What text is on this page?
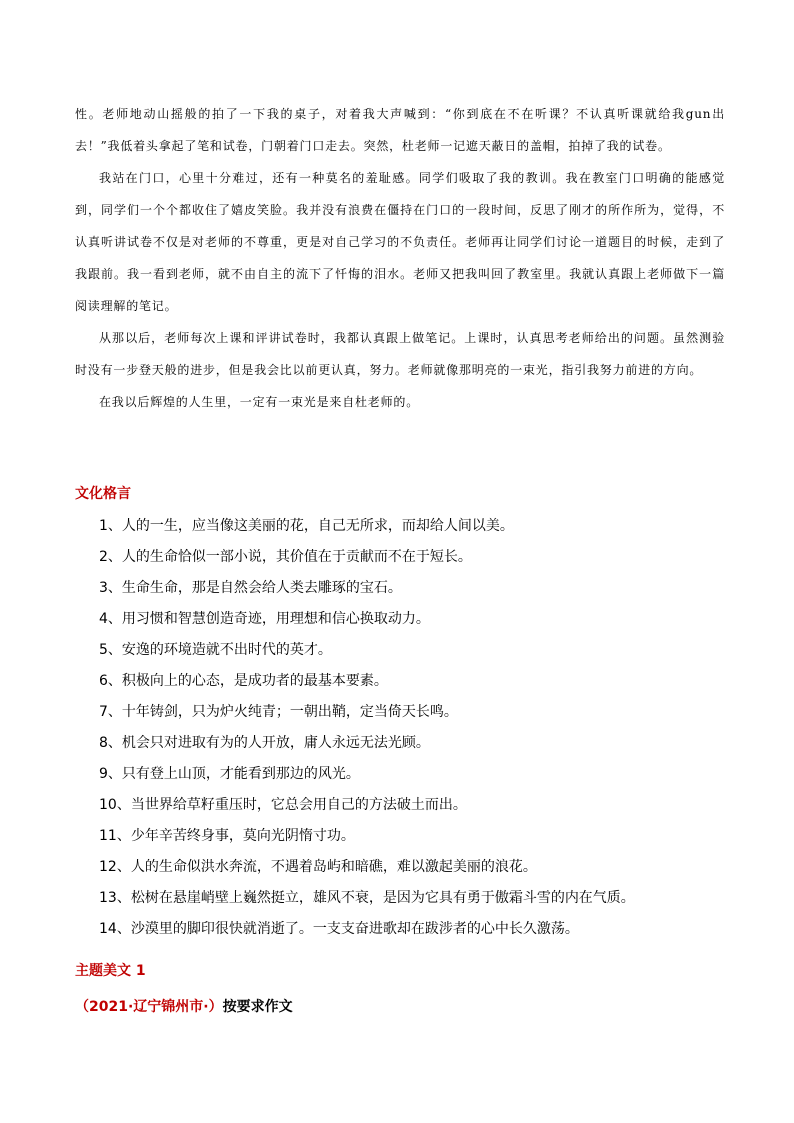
性。老师地动山摇般的拍了一下我的桌子，对着我大声喊到：“你到底在不在听课？不认真听课就给我gun出去！”我低着头拿起了笔和试卷，门朝着门口走去。突然，杜老师一记遮天蔽日的盖帽，拍掉了我的试卷。

我站在门口，心里十分难过，还有一种莫名的羞耻感。同学们吸取了我的教训。我在教室门口明确的能感觉到，同学们一个个都收住了嬉皮笑脸。我并没有浪费在僵持在门口的一段时间，反思了刚才的所作所为，觉得，不认真听讲试卷不仅是对老师的不尊重，更是对自己学习的不负责任。老师再让同学们讨论一道题目的时候，走到了我跟前。我一看到老师，就不由自主的流下了忏悔的泪水。老师又把我叫回了教室里。我就认真跟上老师做下一篇阅读理解的笔记。

从那以后，老师每次上课和评讲试卷时，我都认真跟上做笔记。上课时，认真思考老师给出的问题。虽然测验时没有一步登天般的进步，但是我会比以前更认真，努力。老师就像那明亮的一束光，指引我努力前进的方向。

在我以后辉煌的人生里，一定有一束光是来自杜老师的。

文化格言
1、人的一生，应当像这美丽的花，自己无所求，而却给人间以美。
2、人的生命恰似一部小说，其价值在于贡献而不在于短长。
3、生命生命，那是自然会给人类去雕琢的宝石。
4、用习惯和智慧创造奇迹，用理想和信心换取动力。
5、安逸的环境造就不出时代的英才。
6、积极向上的心态，是成功者的最基本要素。
7、十年铸剑，只为炉火纯青；一朝出鞘，定当倚天长鸣。
8、机会只对进取有为的人开放，庸人永远无法光顾。
9、只有登上山顶，才能看到那边的风光。
10、当世界给草籽重压时，它总会用自己的方法破土而出。
11、少年辛苦终身事，莫向光阴惰寸功。
12、人的生命似洪水奔流，不遇着岛屿和暗礁，难以激起美丽的浪花。
13、松树在悬崖峭壁上巍然挺立，雄风不衰，是因为它具有勇于傲霜斗雪的内在气质。
14、沙漠里的脚印很快就消逝了。一支支奋进歌却在跋涉者的心中长久激荡。
主题美文 1
（2021·辽宁锦州市·）按要求作文
